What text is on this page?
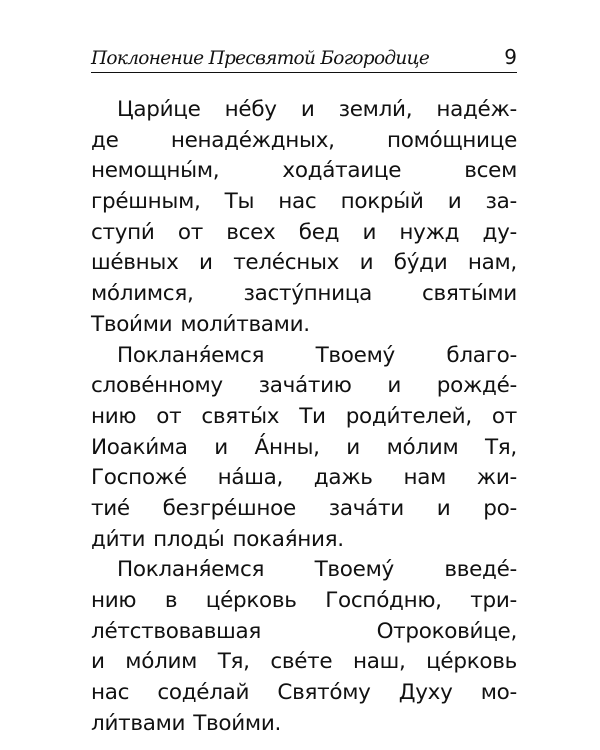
Поклонение Пресвятой Богородице	9
Цари́це не́бу и земли́, наде́ж-
де ненаде́ждных, помо́щнице
немощны́м,	хода́таице	всем
гре́шным, Ты нас покры́й и за-
ступи́ от всех бед и нужд ду-
ше́вных и теле́сных и бу́ди нам,
мо́лимся, засту́пница святы́ми
Твои́ми моли́твами.
Покланя́емся Твоему́ благо-
слове́нному зача́тию и рожде́-
нию от святы́х Ти роди́телей, от
Иоаки́ма и А́нны, и мо́лим Тя,
Госпоже́ на́ша, дажь нам жи-
тие́ безгре́шное зача́ти и ро-
ди́ти плоды́ покая́ния.
Покланя́емся Твоему́ введе́-
нию в це́рковь Госпо́дню, три-
ле́тствовавшая	Отрокови́це,
и мо́лим Тя, све́те наш, це́рковь
нас соде́лай Свято́му Духу мо-
ли́твами Твои́ми.
